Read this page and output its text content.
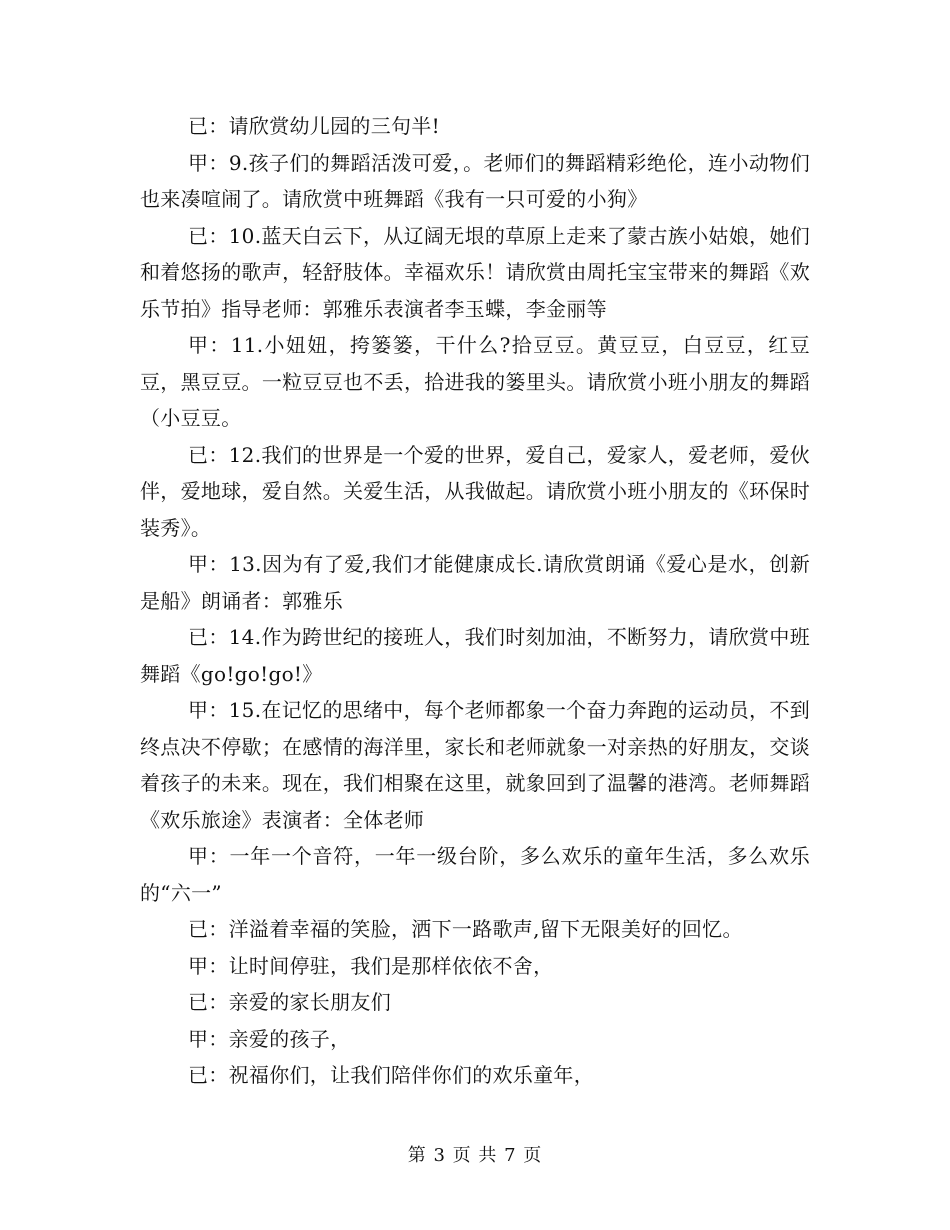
已：请欣赏幼儿园的三句半!

甲：9.孩子们的舞蹈活泼可爱，。老师们的舞蹈精彩绝伦，连小动物们也来凑喧闹了。请欣赏中班舞蹈《我有一只可爱的小狗》

已：10.蓝天白云下，从辽阔无垠的草原上走来了蒙古族小姑娘，她们和着悠扬的歌声，轻舒肢体。幸福欢乐！请欣赏由周托宝宝带来的舞蹈《欢乐节拍》指导老师：郭雅乐表演者李玉蝶，李金丽等

甲：11.小妞妞，挎篓篓，干什么?拾豆豆。黄豆豆，白豆豆，红豆豆，黑豆豆。一粒豆豆也不丢，拾进我的篓里头。请欣赏小班小朋友的舞蹈（小豆豆。

已：12.我们的世界是一个爱的世界，爱自己，爱家人，爱老师，爱伙伴，爱地球，爱自然。关爱生活，从我做起。请欣赏小班小朋友的《环保时装秀》。

甲：13.因为有了爱,我们才能健康成长.请欣赏朗诵《爱心是水，创新是船》朗诵者：郭雅乐

已：14.作为跨世纪的接班人，我们时刻加油，不断努力，请欣赏中班舞蹈《go!go!go!》

甲：15.在记忆的思绪中，每个老师都象一个奋力奔跑的运动员，不到终点决不停歇；在感情的海洋里，家长和老师就象一对亲热的好朋友，交谈着孩子的未来。现在，我们相聚在这里，就象回到了温馨的港湾。老师舞蹈《欢乐旅途》表演者：全体老师

甲：一年一个音符，一年一级台阶，多么欢乐的童年生活，多么欢乐的“六一”

已：洋溢着幸福的笑脸，洒下一路歌声,留下无限美好的回忆。

甲：让时间停驻，我们是那样依依不舍，

已：亲爱的家长朋友们

甲：亲爱的孩子，

已：祝福你们，让我们陪伴你们的欢乐童年，

第 3 页 共 7 页
